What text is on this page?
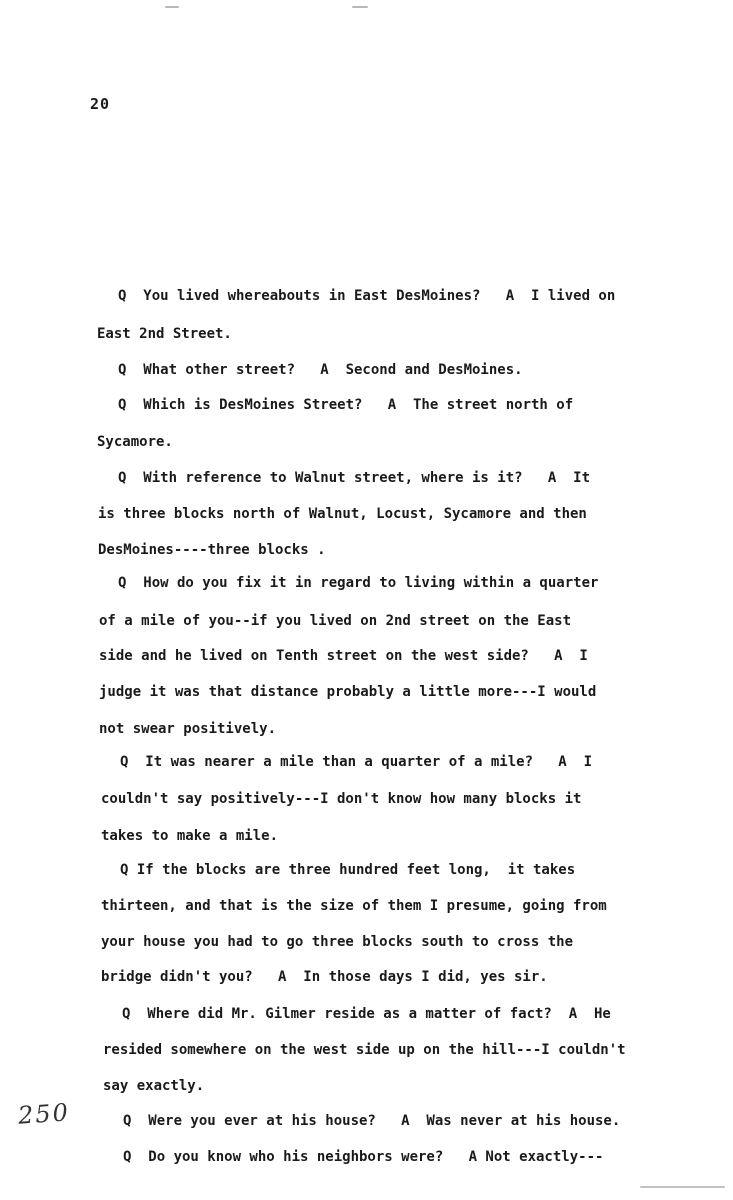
20
Q  You lived whereabouts in East DesMoines?   A  I lived on
East 2nd Street.
Q  What other street?   A  Second and DesMoines.
Q  Which is DesMoines Street?   A  The street north of
Sycamore.
Q  With reference to Walnut street, where is it?   A  It
is three blocks north of Walnut, Locust, Sycamore and then
DesMoines----three blocks .
Q  How do you fix it in regard to living within a quarter
of a mile of you--if you lived on 2nd street on the East
side and he lived on Tenth street on the west side?   A  I
judge it was that distance probably a little more---I would
not swear positively.
Q  It was nearer a mile than a quarter of a mile?   A  I
couldn't say positively---I don't know how many blocks it
takes to make a mile.
Q If the blocks are three hundred feet long,  it takes
thirteen, and that is the size of them I presume, going from
your house you had to go three blocks south to cross the
bridge didn't you?   A  In those days I did, yes sir.
Q  Where did Mr. Gilmer reside as a matter of fact?  A  He
resided somewhere on the west side up on the hill---I couldn't
say exactly.
Q  Were you ever at his house?   A  Was never at his house.
Q  Do you know who his neighbors were?   A Not exactly---
250
